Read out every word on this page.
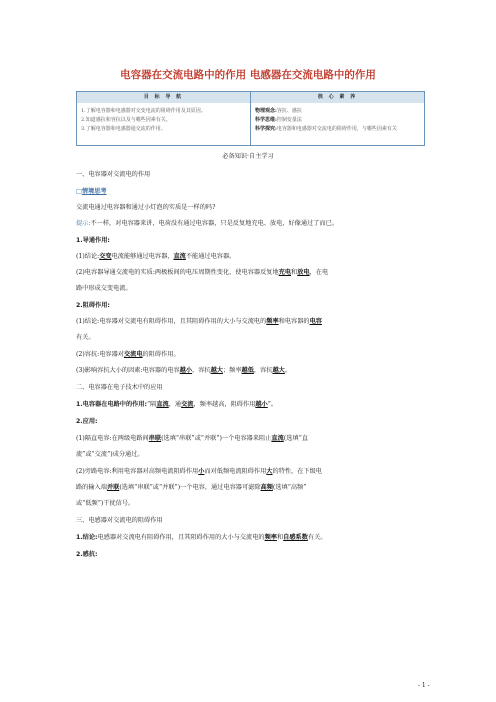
电容器在交流电路中的作用 电感器在交流电路中的作用
目 标 导 航	核 心 素 养
1.了解电容器和电感器对交变电流的阻碍作用及其原因。
2.知道感抗和容抗以及与哪些因素有关。
3.了解电容器和电感器通交流的作用。
物理观念:容抗、感抗
科学思维:控制变量法
科学探究:电容器和电感器对交流电的阻碍作用，与哪些因素有关
必备知识·自主学习
一、电容器对交流电的作用
□情境思考
交流电通过电容器和通过小灯泡的实质是一样的吗?
提示:不一样，对电容器来讲，电荷没有通过电容器，只是反复地充电、放电，好像通过了而已。
1.导通作用:
(1)结论:交变电流能够通过电容器，直流不能通过电容器。
(2)电容器导通交流电的实质:两极板间的电压周期性变化，使电容器反复地充电和放电，在电
路中形成交变电流。
2.阻碍作用:
(1)结论:电容器对交流电有阻碍作用，且其阻碍作用的大小与交流电的频率和电容器的电容
有关。
(2)容抗:电容器对交流电的阻碍作用。
(3)影响容抗大小的因素:电容器的电容越小，容抗越大；频率越低，容抗越大。
二、电容器在电子技术中的应用
1.电容器在电路中的作用:“隔直流，通交流，频率越高，阻碍作用越小”。
2.应用:
(1)隔直电容:在两级电路间串联(选填“串联”或“并联”)一个电容器来阻止直流(选填“直
流”或“交流”)成分通过。
(2)旁路电容:利用电容器对高频电流阻碍作用小而对低频电流阻碍作用大的特性，在下级电
路的输入端并联(选填“串联”或“并联”)一个电容，通过电容器可滤除高频(选填“高频”
或“低频”)干扰信号。
三、电感器对交流电的阻碍作用
1.结论:电感器对交流电有阻碍作用，且其阻碍作用的大小与交流电的频率和自感系数有关。
2.感抗:
- 1 -
